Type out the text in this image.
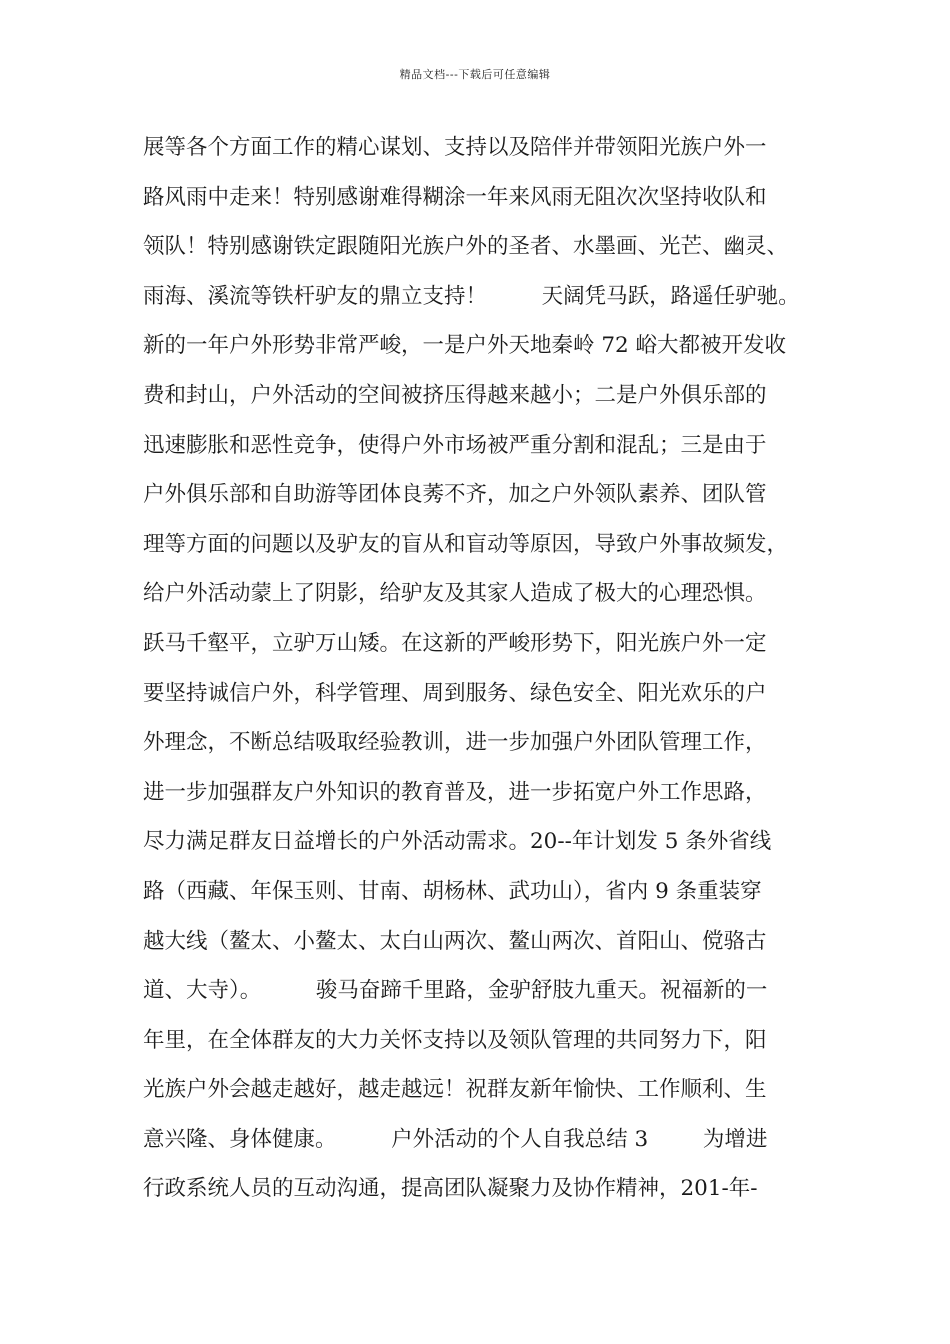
精品文档---下载后可任意编辑
展等各个方面工作的精心谋划、支持以及陪伴并带领阳光族户外一
路风雨中走来！特别感谢难得糊涂一年来风雨无阻次次坚持收队和
领队！特别感谢铁定跟随阳光族户外的圣者、水墨画、光芒、幽灵、
雨海、溪流等铁杆驴友的鼎立支持！        天阔凭马跃，路遥任驴驰。
新的一年户外形势非常严峻，一是户外天地秦岭 72 峪大都被开发收
费和封山，户外活动的空间被挤压得越来越小；二是户外俱乐部的
迅速膨胀和恶性竞争，使得户外市场被严重分割和混乱；三是由于
户外俱乐部和自助游等团体良莠不齐，加之户外领队素养、团队管
理等方面的问题以及驴友的盲从和盲动等原因，导致户外事故频发，
给户外活动蒙上了阴影，给驴友及其家人造成了极大的心理恐惧。
跃马千壑平，立驴万山矮。在这新的严峻形势下，阳光族户外一定
要坚持诚信户外，科学管理、周到服务、绿色安全、阳光欢乐的户
外理念，不断总结吸取经验教训，进一步加强户外团队管理工作，
进一步加强群友户外知识的教育普及，进一步拓宽户外工作思路，
尽力满足群友日益增长的户外活动需求。20--年计划发 5 条外省线
路（西藏、年保玉则、甘南、胡杨林、武功山），省内 9 条重装穿
越大线（鳌太、小鳌太、太白山两次、鳌山两次、首阳山、傥骆古
道、大寺）。        骏马奋蹄千里路，金驴舒肢九重天。祝福新的一
年里，在全体群友的大力关怀支持以及领队管理的共同努力下，阳
光族户外会越走越好，越走越远！祝群友新年愉快、工作顺利、生
意兴隆、身体健康。        户外活动的个人自我总结 3        为增进
行政系统人员的互动沟通，提高团队凝聚力及协作精神，201-年-
